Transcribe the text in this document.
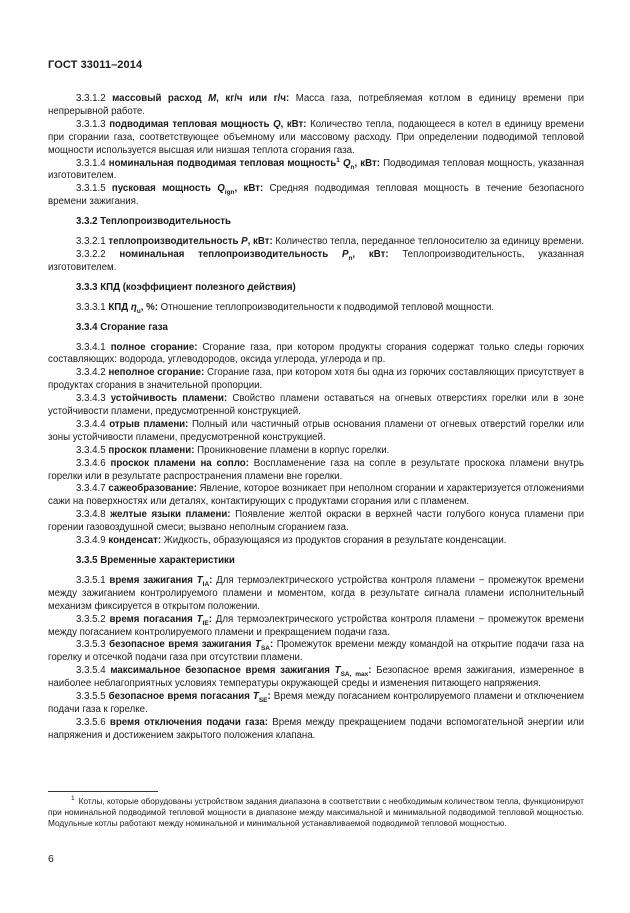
ГОСТ 33011–2014

3.3.1.2 массовый расход M, кг/ч или г/ч: Масса газа, потребляемая котлом в единицу времени при непрерывной работе.

3.3.1.3 подводимая тепловая мощность Q, кВт: Количество тепла, подающееся в котел в единицу времени при сгорании газа, соответствующее объемному или массовому расходу. При определении подводимой тепловой мощности используется высшая или низшая теплота сгорания газа.

3.3.1.4 номинальная подводимая тепловая мощность$^1$ $Q_n$, кВт: Подводимая тепловая мощность, указанная изготовителем.

3.3.1.5 пусковая мощность $Q_{ign}$, кВт: Средняя подводимая тепловая мощность в течение безопасного времени зажигания.

3.3.2 Теплопроизводительность

3.3.2.1 теплопроизводительность P, кВт: Количество тепла, переданное теплоносителю за единицу времени.

3.3.2.2 номинальная теплопроизводительность $P_n$, кВт: Теплопроизводительность, указанная изготовителем.

3.3.3 КПД (коэффициент полезного действия)

3.3.3.1 КПД $\eta_u$, %: Отношение теплопроизводительности к подводимой тепловой мощности.

3.3.4 Сгорание газа

3.3.4.1 полное сгорание: Сгорание газа, при котором продукты сгорания содержат только следы горючих составляющих: водорода, углеводородов, оксида углерода, углерода и пр.

3.3.4.2 неполное сгорание: Сгорание газа, при котором хотя бы одна из горючих составляющих присутствует в продуктах сгорания в значительной пропорции.

3.3.4.3 устойчивость пламени: Свойство пламени оставаться на огневых отверстиях горелки или в зоне устойчивости пламени, предусмотренной конструкцией.

3.3.4.4 отрыв пламени: Полный или частичный отрыв основания пламени от огневых отверстий горелки или зоны устойчивости пламени, предусмотренной конструкцией.

3.3.4.5 проскок пламени: Проникновение пламени в корпус горелки.

3.3.4.6 проскок пламени на сопло: Воспламенение газа на сопле в результате проскока пламени внутрь горелки или в результате распространения пламени вне горелки.

3.3.4.7 сажеобразование: Явление, которое возникает при неполном сгорании и характеризуется отложениями сажи на поверхностях или деталях, контактирующих с продуктами сгорания или с пламенем.

3.3.4.8 желтые языки пламени: Появление желтой окраски в верхней части голубого конуса пламени при горении газовоздушной смеси; вызвано неполным сгоранием газа.

3.3.4.9 конденсат: Жидкость, образующаяся из продуктов сгорания в результате конденсации.

3.3.5 Временные характеристики

3.3.5.1 время зажигания $T_{IA}$: Для термоэлектрического устройства контроля пламени − промежуток времени между зажиганием контролируемого пламени и моментом, когда в результате сигнала пламени исполнительный механизм фиксируется в открытом положении.

3.3.5.2 время погасания $T_{IE}$: Для термоэлектрического устройства контроля пламени − промежуток времени между погасанием контролируемого пламени и прекращением подачи газа.

3.3.5.3 безопасное время зажигания $T_{SA}$: Промежуток времени между командой на открытие подачи газа на горелку и отсечкой подачи газа при отсутствии пламени.

3.3.5.4 максимальное безопасное время зажигания $T_{SA, max}$: Безопасное время зажигания, измеренное в наиболее неблагоприятных условиях температуры окружающей среды и изменения питающего напряжения.

3.3.5.5 безопасное время погасания $T_{SE}$: Время между погасанием контролируемого пламени и отключением подачи газа к горелке.

3.3.5.6 время отключения подачи газа: Время между прекращением подачи вспомогательной энергии или напряжения и достижением закрытого положения клапана.

$^1$ Котлы, которые оборудованы устройством задания диапазона в соответствии с необходимым количеством тепла, функционируют при номинальной подводимой тепловой мощности в диапазоне между максимальной и минимальной подводимой тепловой мощностью. Модульные котлы работают между номинальной и минимальной устанавливаемой подводимой тепловой мощностью.
6
